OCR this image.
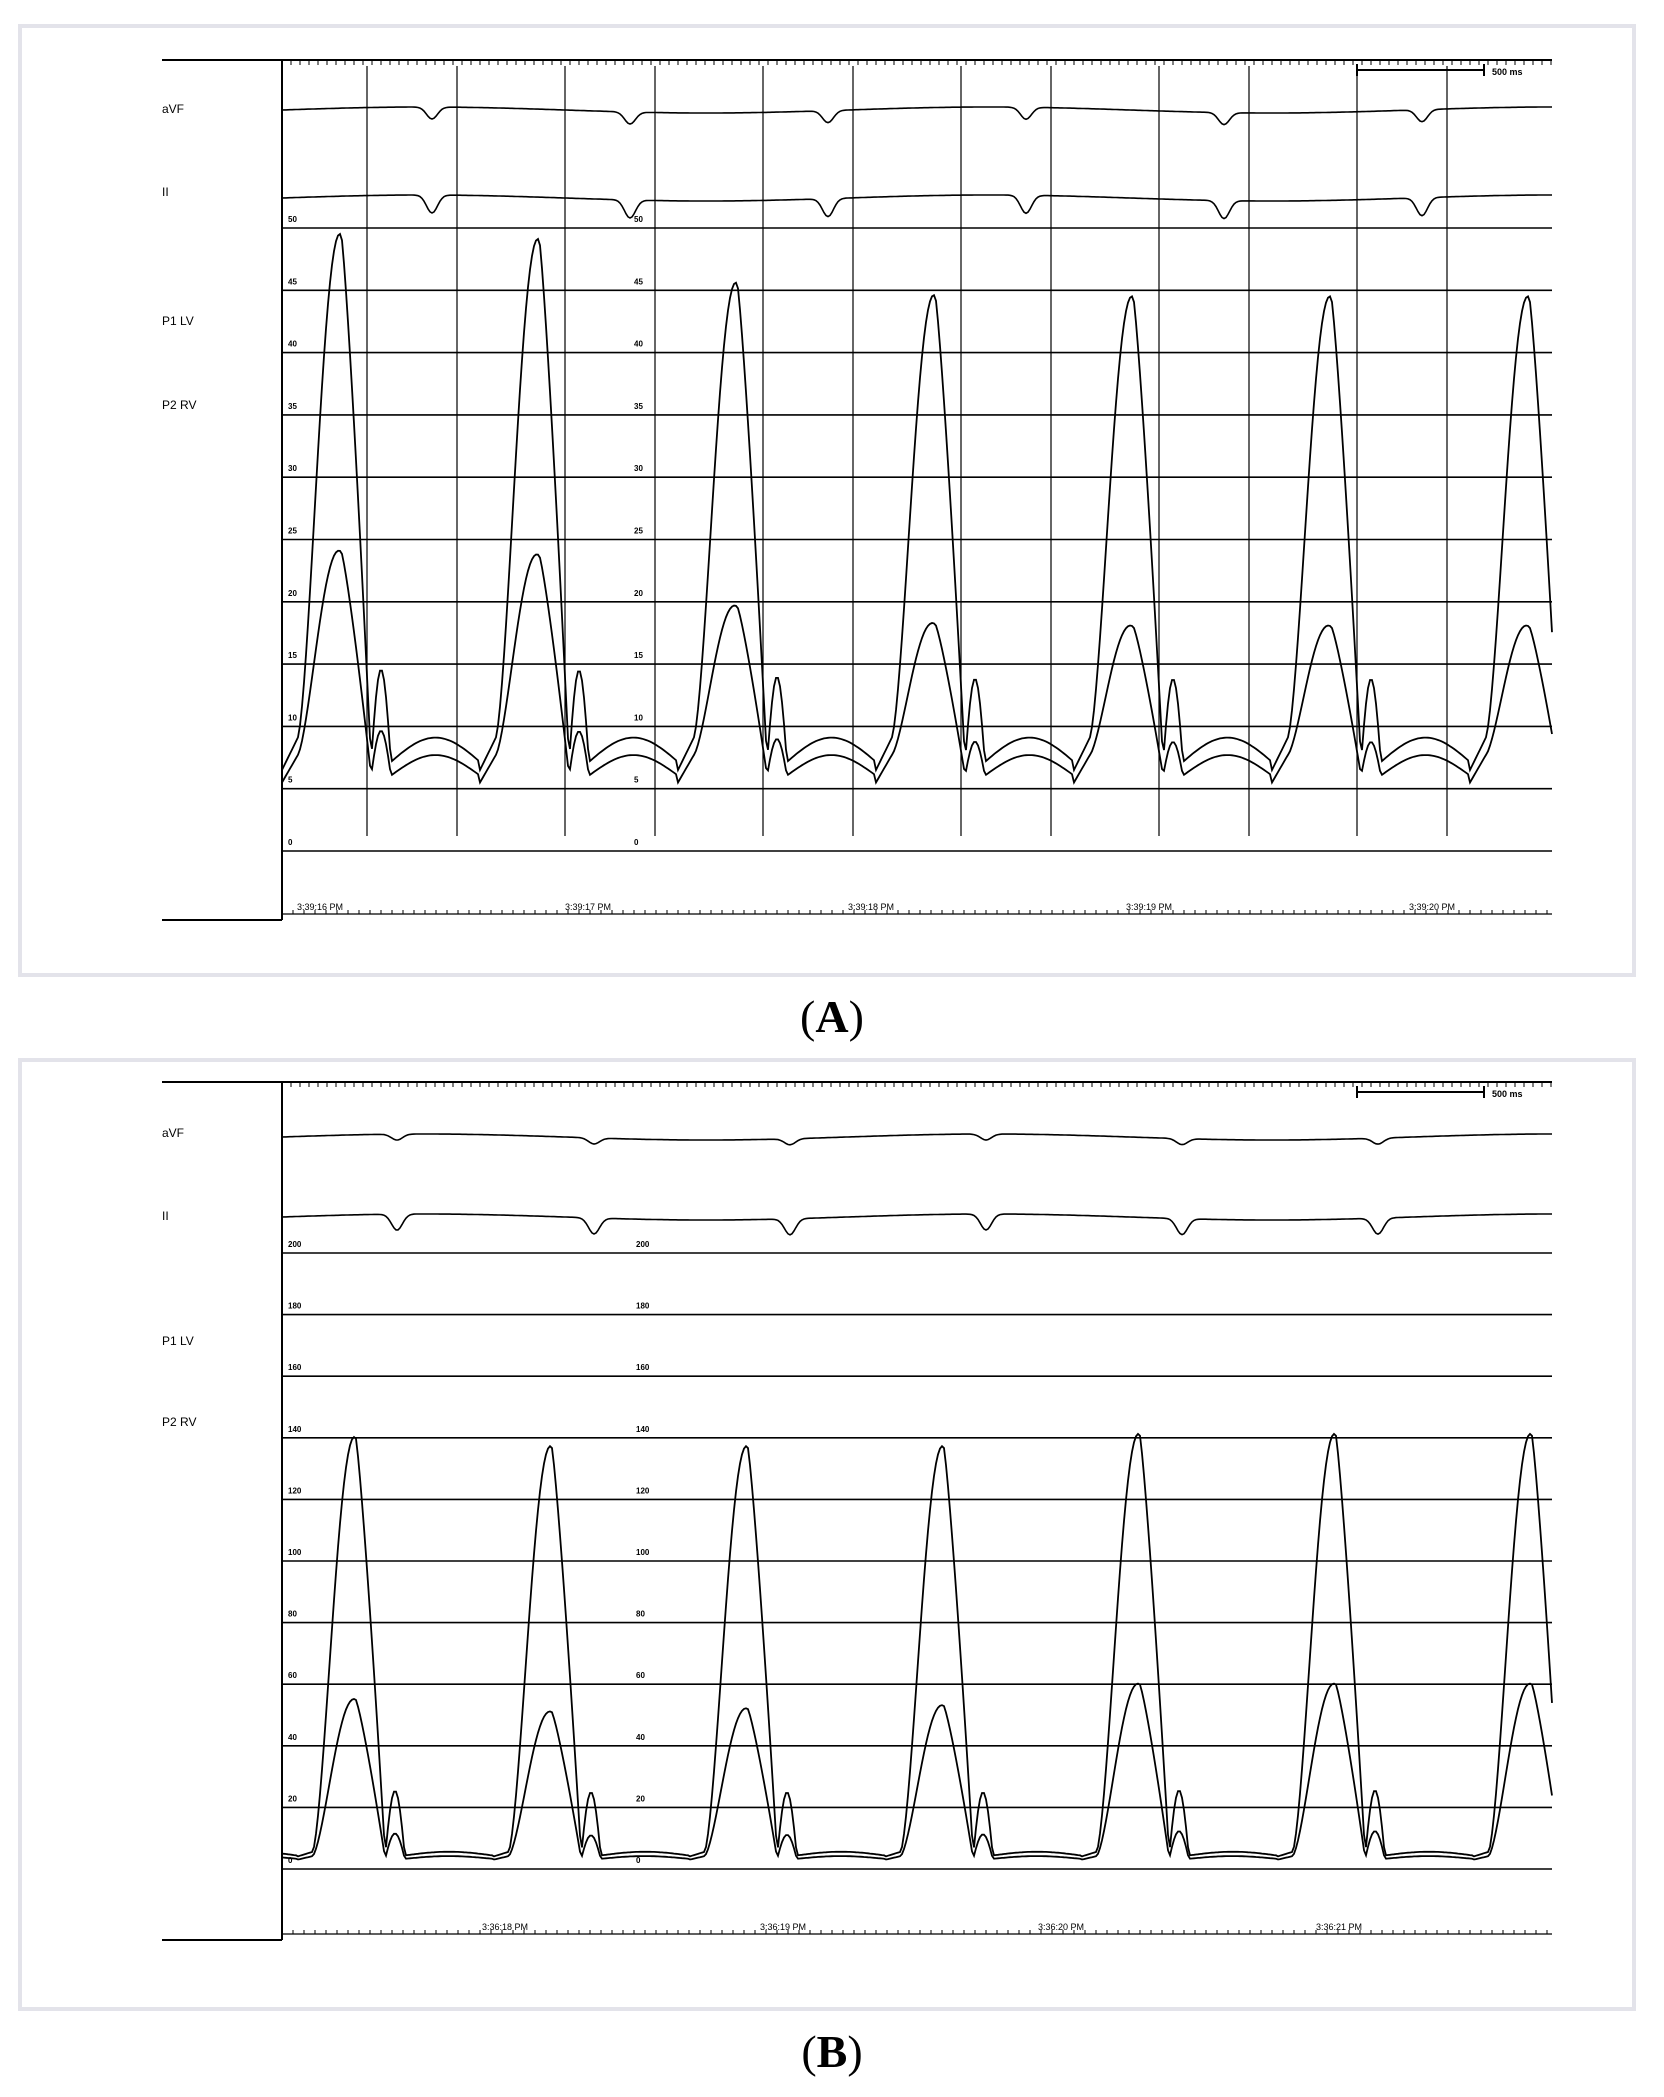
500 ms
aVF
II
P1 LV
P2 RV
50	50
45	45
40	40
35	35
30	30
25	25
20	20
15	15
10	10
5	5
0	0
3:39:16 PM	3:39:17 PM	3:39:18 PM	3:39:19 PM	3:39:20 PM
(A)
500 ms
aVF
II
P1 LV
P2 RV
200	200
180	180
160	160
140	140
120	120
100	100
80	80
60	60
40	40
20	20
0	0
3:36:18 PM	3:36:19 PM	3:36:20 PM	3:36:21 PM
(B)
